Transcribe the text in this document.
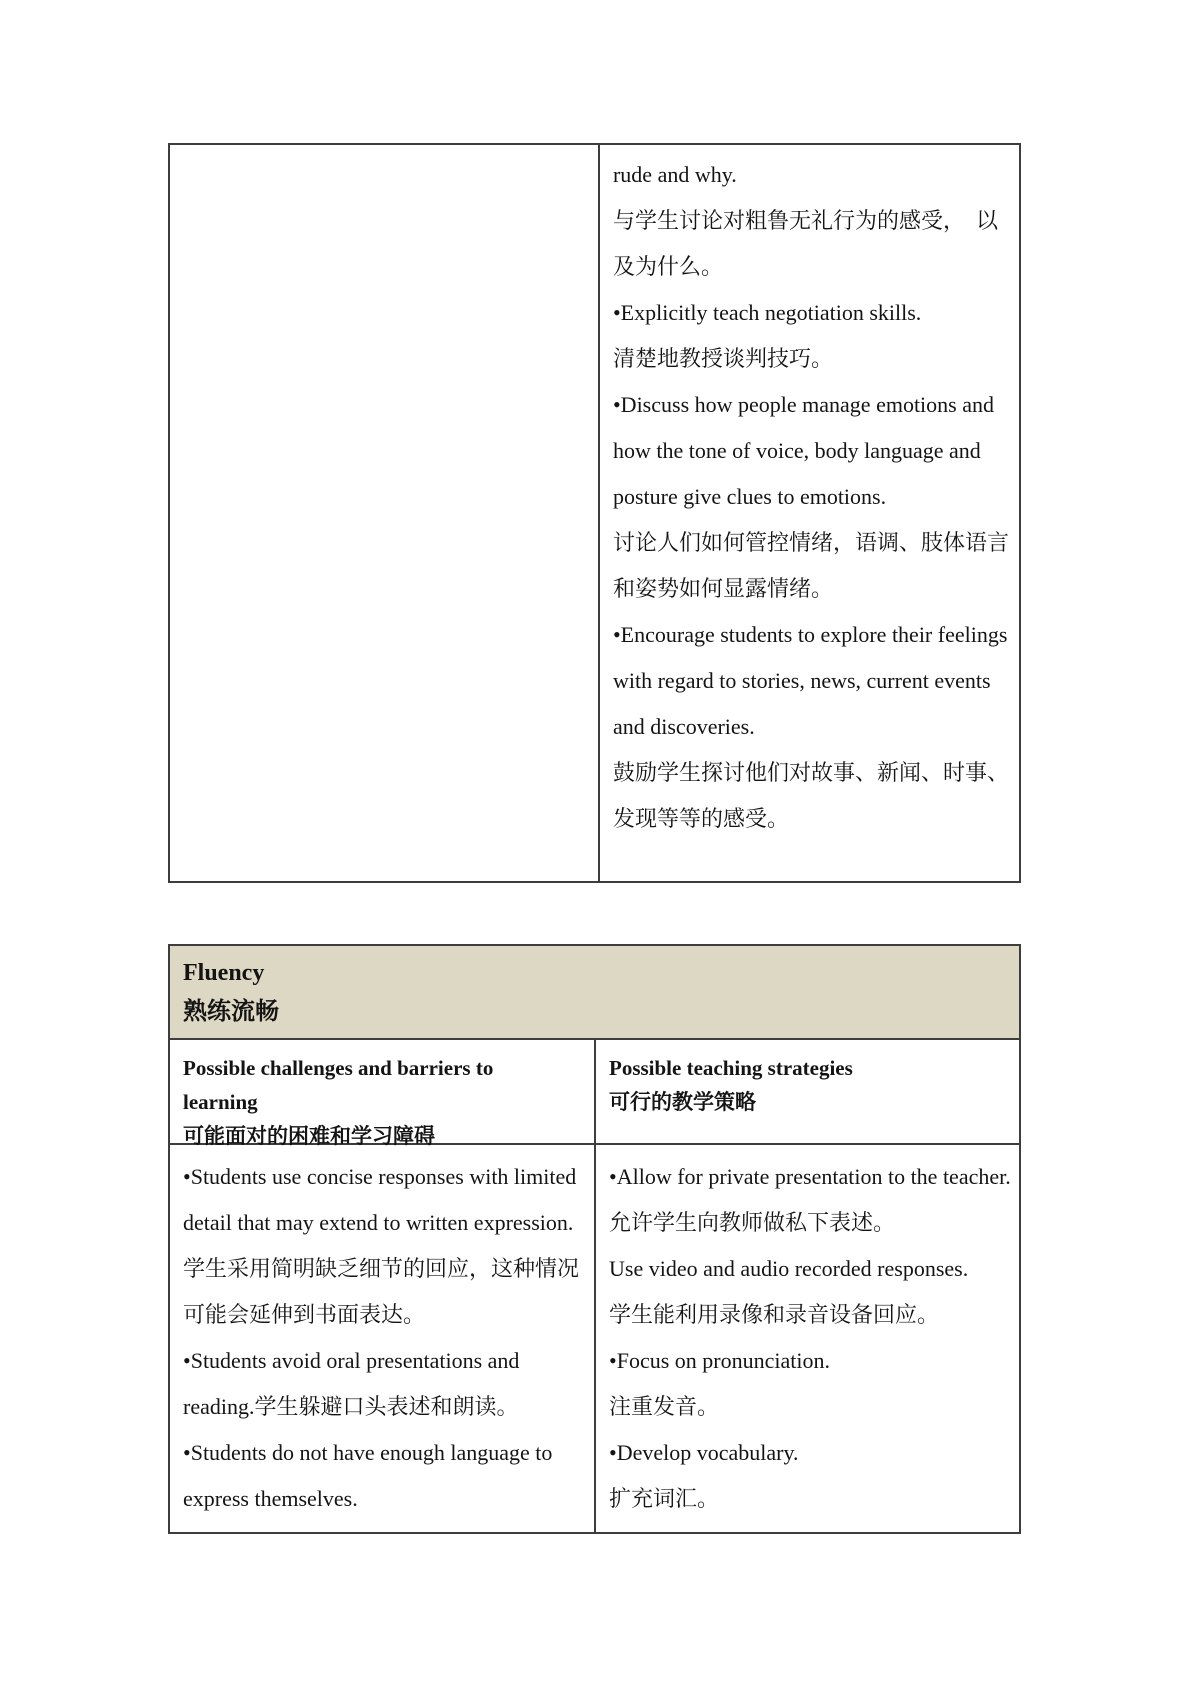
rude and why.
与学生讨论对粗鲁无礼行为的感受，　以
及为什么。
•Explicitly teach negotiation skills.
清楚地教授谈判技巧。
•Discuss how people manage emotions and
how the tone of voice, body language and
posture give clues to emotions.
讨论人们如何管控情绪，语调、肢体语言
和姿势如何显露情绪。
•Encourage students to explore their feelings
with regard to stories, news, current events
and discoveries.
鼓励学生探讨他们对故事、新闻、时事、
发现等等的感受。
Fluency
熟练流畅
Possible challenges and barriers to
learning
可能面对的困难和学习障碍
Possible teaching strategies
可行的教学策略
•Students use concise responses with limited
detail that may extend to written expression.
学生采用简明缺乏细节的回应，这种情况
可能会延伸到书面表达。
•Students avoid oral presentations and
reading.学生躲避口头表述和朗读。
•Students do not have enough language to
express themselves.
•Allow for private presentation to the teacher.
允许学生向教师做私下表述。
Use video and audio recorded responses.
学生能利用录像和录音设备回应。
•Focus on pronunciation.
注重发音。
•Develop vocabulary.
扩充词汇。
